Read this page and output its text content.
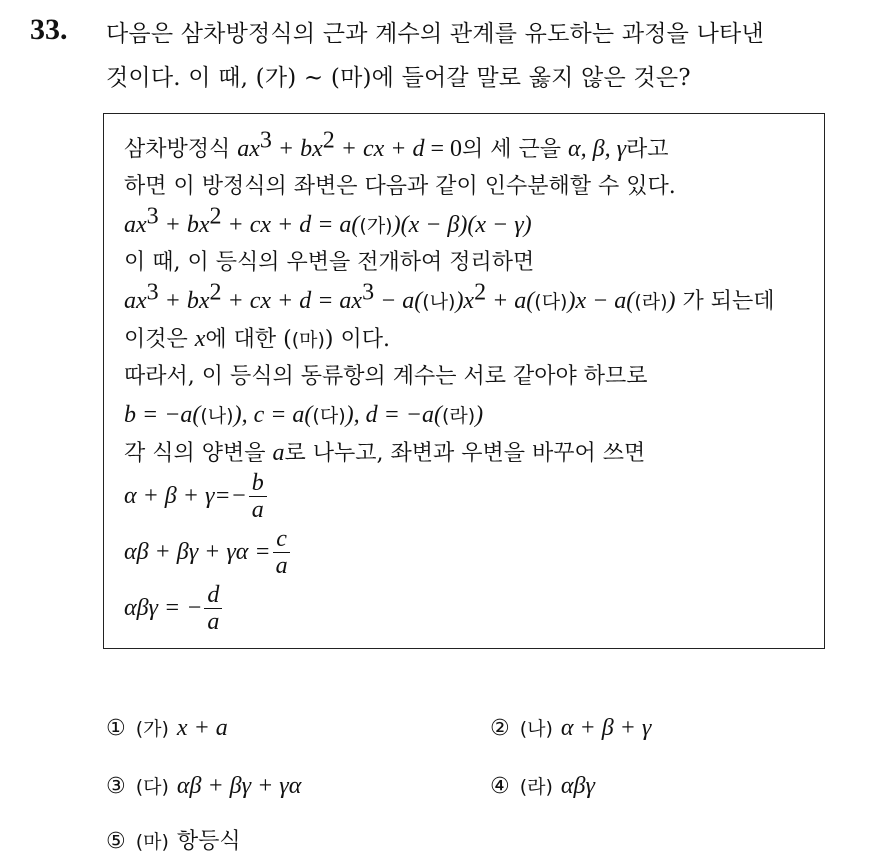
33. 다음은 삼차방정식의 근과 계수의 관계를 유도하는 과정을 나타낸
것이다. 이 때, (가) ~ (마)에 들어갈 말로 옳지 않은 것은?
삼차방정식 $ax^3 + bx^2$ + cx + d = 0의 세 근을 α, β, γ라고
하면 이 방정식의 좌변은 다음과 같이 인수분해할 수 있다.
$ax^3 + bx^2$ + cx + d = a((가))(x − β)(x − γ)
이 때, 이 등식의 우변을 전개하여 정리하면
$ax^3 + bx^2$ + cx + $d = ax^3 - a$((나))$x^2 + a$((다))x − a((라)) 가 되는데
이것은 x에 대한 ((마)) 이다.
따라서, 이 등식의 동류항의 계수는 서로 같아야 하므로
b = −a((나)), c = a((다)), d = −a((라))
각 식의 양변을 a로 나누고, 좌변과 우변을 바꾸어 쓰면
$\alpha + \beta + \gamma=- \frac{b}{a}$
$\alpha\beta + \beta\gamma + \gamma\alpha = \frac{c}{a}$
αβγ = − $\frac{d}{a}$
① (가) x + a	② (나) α + β + γ
③ (다) αβ + βγ + γα	④ (라) αβγ
⑤ (마) 항등식
